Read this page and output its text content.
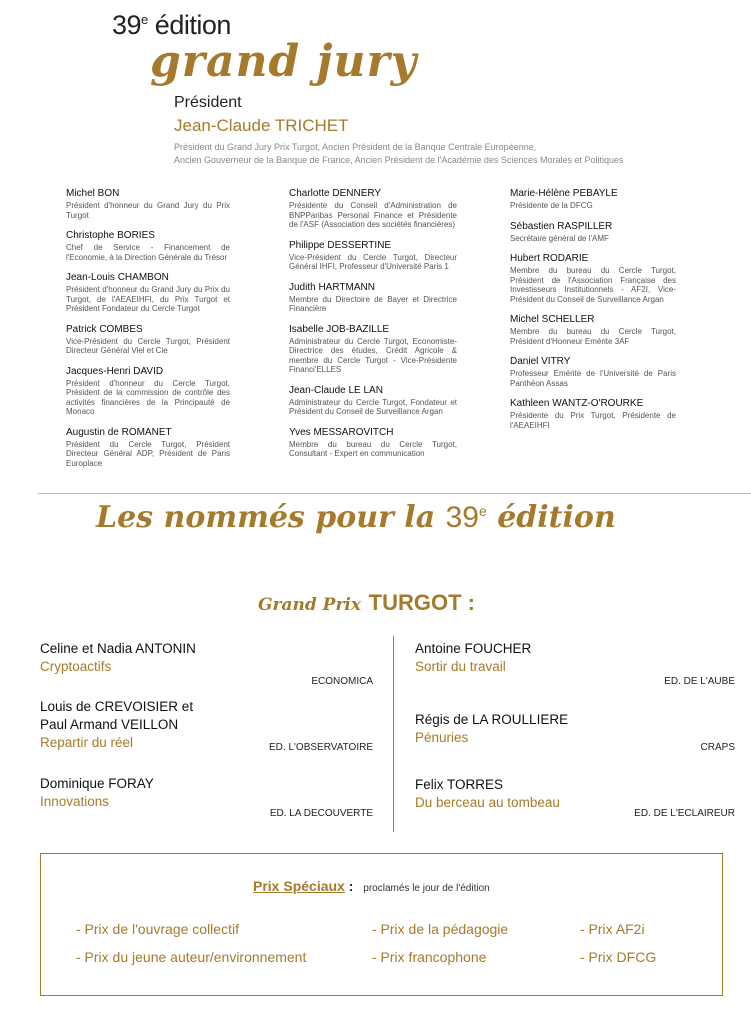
39e édition
grand jury
Président
Jean-Claude TRICHET
Président du Grand Jury Prix Turgot, Ancien Président de la Banque Centrale Européenne,
Ancien Gouverneur de la Banque de France, Ancien Président de l'Académie des Sciences Morales et Politiques
Michel BON
Président d'honneur du Grand Jury du Prix Turgot
Christophe BORIES
Chef de Service - Financement de l'Economie, à la Direction Générale du Trésor
Jean-Louis CHAMBON
Président d'honneur du Grand Jury du Prix du Turgot, de l'AEAEIHFI, du Prix Turgot et Président Fondateur du Cercle Turgot
Patrick COMBES
Vice-Président du Cercle Turgot, Président Directeur Général Viel et Cie
Jacques-Henri DAVID
Président d'honneur du Cercle Turgot, Président de la commission de contrôle des activités financières de la Principauté de Monaco
Augustin de ROMANET
Président du Cercle Turgot, Président Directeur Général ADP, Président de Paris Europlace
Charlotte DENNERY
Présidente du Conseil d'Administration de BNPParibas Personal Finance et Présidente de l'ASF (Association des sociétés financières)
Philippe DESSERTINE
Vice-Président du Cercle Turgot, Directeur Général IHFI, Professeur d'Université Paris 1
Judith HARTMANN
Membre du Directoire de Bayer et Directrice Financière
Isabelle JOB-BAZILLE
Administrateur du Cercle Turgot, Economiste-Directrice des études, Crédit Agricole & membre du Cercle Turgot - Vice-Présidente Financi'ELLES
Jean-Claude LE LAN
Administrateur du Cercle Turgot, Fondateur et Président du Conseil de Surveillance Argan
Yves MESSAROVITCH
Membre du bureau du Cercle Turgot, Consultant - Expert en communication
Marie-Hélène PEBAYLE
Présidente de la DFCG
Sébastien RASPILLER
Secrétaire général de l'AMF
Hubert RODARIE
Membre du bureau du Cercle Turgot, Président de l'Association Française des Investisseurs Institutionnels - AF2I, Vice-Président du Conseil de Surveillance Argan
Michel SCHELLER
Membre du bureau du Cercle Turgot, Président d'Honneur Emérite 3AF
Daniel VITRY
Professeur Emérite de l'Université de Paris Panthéon Assas
Kathleen WANTZ-O'ROURKE
Présidente du Prix Turgot, Présidente de l'AEAEIHFI
Les nommés pour la 39e édition
Grand Prix TURGOT :
Celine et Nadia ANTONIN
Cryptoactifs
ECONOMICA
Louis de CREVOISIER et
Paul Armand VEILLON
Repartir du réel	ED. L'OBSERVATOIRE
Dominique FORAY
Innovations
ED. LA DECOUVERTE
Antoine FOUCHER
Sortir du travail
ED. DE L'AUBE
Régis de LA ROULLIERE
Pénuries
CRAPS
Felix TORRES
Du berceau au tombeau
ED. DE L'ECLAIREUR
Prix Spéciaux : proclamés le jour de l'édition
- Prix de l'ouvrage collectif
- Prix du jeune auteur/environnement
- Prix de la pédagogie
- Prix francophone
- Prix AF2i
- Prix DFCG
